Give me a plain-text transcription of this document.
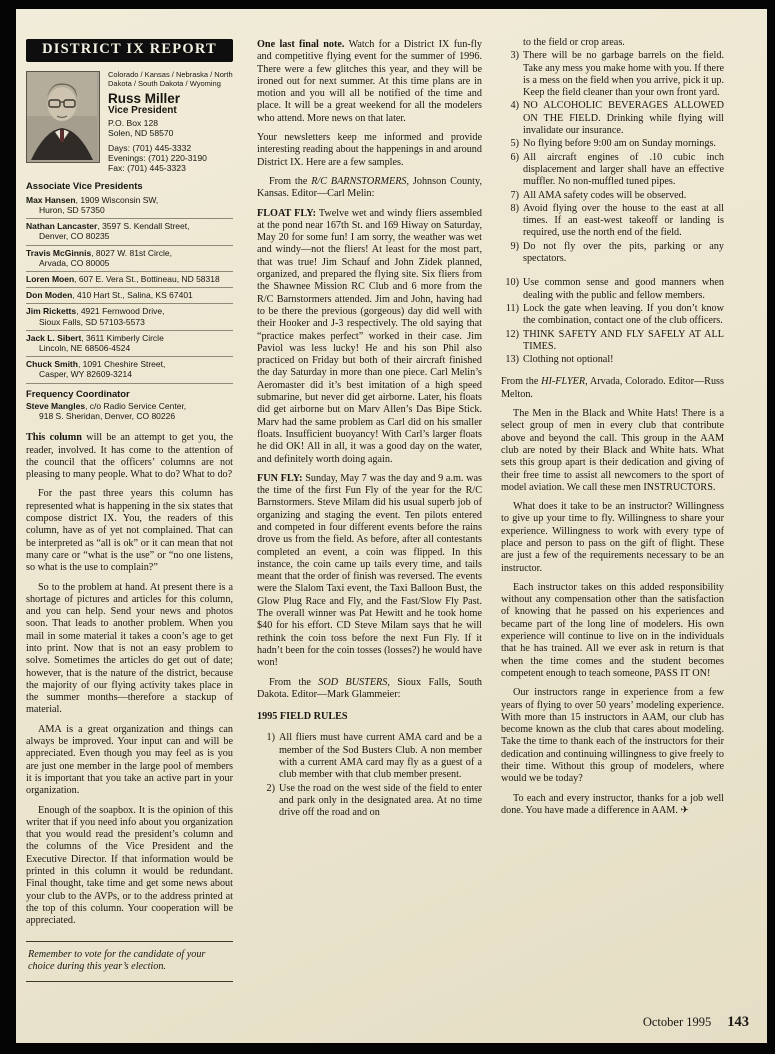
DISTRICT IX REPORT
Colorado / Kansas / Nebraska / North Dakota / South Dakota / Wyoming
Russ Miller
Vice President
P.O. Box 128
Solen, ND 58570
Days: (701) 445-3332
Evenings: (701) 220-3190
Fax: (701) 445-3323
Associate Vice Presidents
Max Hansen, 1909 Wisconsin SW,
Huron, SD 57350
Nathan Lancaster, 3597 S. Kendall Street,
Denver, CO 80235
Travis McGinnis, 8027 W. 81st Circle,
Arvada, CO 80005
Loren Moen, 607 E. Vera St., Bottineau, ND 58318
Don Moden, 410 Hart St., Salina, KS 67401
Jim Ricketts, 4921 Fernwood Drive,
Sioux Falls, SD 57103-5573
Jack L. Sibert, 3611 Kimberly Circle
Lincoln, NE 68506-4524
Chuck Smith, 1091 Cheshire Street,
Casper, WY 82609-3214
Frequency Coordinator
Steve Mangles, c/o Radio Service Center,
918 S. Sheridan, Denver, CO 80226

This column will be an attempt to get you, the reader, involved. It has come to the attention of the council that the officers’ columns are not pleasing to many people. What to do? What to do?

For the past three years this column has represented what is happening in the six states that compose district IX. You, the readers of this column, have as of yet not complained. That can be interpreted as “all is ok” or it can mean that not many care or “what is the use” or “no one listens, so what is the use to complain?”

So to the problem at hand. At present there is a shortage of pictures and articles for this column, and you can help. Send your news and photos soon. That leads to another problem. When you mail in some material it takes a coon’s age to get into print. Now that is not an easy problem to solve. Sometimes the articles do get out of date; however, that is the nature of the district, because the majority of our flying activity takes place in the summer months—therefore a stackup of material.

AMA is a great organization and things can always be improved. Your input can and will be appreciated. Even though you may feel as is you are just one member in the large pool of members it is important that you take an active part in your organization.

Enough of the soapbox. It is the opinion of this writer that if you need info about you organization that you would read the president’s column and the columns of the Vice President and the Executive Director. If that information would be printed in this column it would be redundant. Final thought, take time and get some news about your club to the AVPs, or to the address printed at the top of this column. Your cooperation will be appreciated.

Remember to vote for the candidate of your choice during this year’s election.

One last final note. Watch for a District IX fun-fly and competitive flying event for the summer of 1996. There were a few glitches this year, and they will be ironed out for next summer. At this time plans are in motion and you will all be notified of the time and place. It will be a great weekend for all the modelers who attend. More news on that later.

Your newsletters keep me informed and provide interesting reading about the happenings in and around District IX. Here are a few samples.

From the R/C BARNSTORMERS, Johnson County, Kansas. Editor—Carl Melin:

FLOAT FLY: Twelve wet and windy fliers assembled at the pond near 167th St. and 169 Hiway on Saturday, May 20 for some fun! I am sorry, the weather was wet and windy—not the fliers! At least for the most part, that was true! Jim Schauf and John Zidek planned, organized, and prepared the flying site. Six fliers from the Shawnee Mission RC Club and 6 more from the R/C Barnstormers attended. Jim and John, having had to be there the previous (gorgeous) day did well with their Hooker and J-3 respectively. The old saying that “practice makes perfect” worked in their case. Jim Paviol was less lucky! He and his son Phil also practiced on Friday but both of their aircraft finished the day Saturday in more than one piece. Carl Melin’s Aeromaster did it’s best imitation of a high speed submarine, but never did get airborne. Later, his floats did get airborne but on Marv Allen’s Das Bipe Stick. Marv had the same problem as Carl did on his smaller floats. Insufficient buoyancy! With Carl’s larger floats he did OK! All in all, it was a good day on the water, and definitely worth doing again.

FUN FLY: Sunday, May 7 was the day and 9 a.m. was the time of the first Fun Fly of the year for the R/C Barnstormers. Steve Milam did his usual superb job of organizing and staging the event. Ten pilots entered and competed in four different events before the rains drove us from the field. As before, after all contestants completed an event, a coin was flipped. In this instance, the coin came up tails every time, and tails meant that the order of finish was reversed. The events were the Slalom Taxi event, the Taxi Balloon Bust, the Glow Plug Race and Fly, and the Fast/Slow Fly Past. The overall winner was Pat Hewitt and he took home $40 for his effort. CD Steve Milam says that he will rethink the coin toss before the next Fun Fly. If it hadn’t been for the coin tosses (losses?) he would have won!

From the SOD BUSTERS, Sioux Falls, South Dakota. Editor—Mark Glammeier:

1995 FIELD RULES
1) All fliers must have current AMA card and be a member of the Sod Busters Club. A non member with a current AMA card may fly as a guest of a club member with that club member present.
2) Use the road on the west side of the field to enter and park only in the designated area. At no time drive off the road and on
to the field or crop areas.
3) There will be no garbage barrels on the field. Take any mess you make home with you. If there is a mess on the field when you arrive, pick it up. Keep the field cleaner than your own front yard.
4) NO ALCOHOLIC BEVERAGES ALLOWED ON THE FIELD. Drinking while flying will invalidate our insurance.
5) No flying before 9:00 am on Sunday mornings.
6) All aircraft engines of .10 cubic inch displacement and larger shall have an effective muffler. No non-muffled tuned pipes.
7) All AMA safety codes will be observed.
8) Avoid flying over the house to the east at all times. If an east-west takeoff or landing is required, use the north end of the field.
9) Do not fly over the pits, parking or any spectators.
10) Use common sense and good manners when dealing with the public and fellow members.
11) Lock the gate when leaving. If you don’t know the combination, contact one of the club officers.
12) THINK SAFETY AND FLY SAFELY AT ALL TIMES.
13) Clothing not optional!

From the HI-FLYER, Arvada, Colorado. Editor—Russ Melton.

The Men in the Black and White Hats! There is a select group of men in every club that contribute above and beyond the call. This group in the AAM club are noted by their Black and White hats. What sets this group apart is their dedication and giving of their free time to assist all newcomers to the sport of model aviation. We call these men INSTRUCTORS.

What does it take to be an instructor? Willingness to give up your time to fly. Willingness to share your experience. Willingness to work with every type of place and person to pass on the gift of flight. These are just a few of the requirements necessary to be an instructor.

Each instructor takes on this added responsibility without any compensation other than the satisfaction of knowing that he passed on his experiences and became part of the long line of modelers. His own experience will continue to live on in the individuals that he has trained. All we ever ask in return is that when the time comes and the student becomes competent enough to teach someone, PASS IT ON!

Our instructors range in experience from a few years of flying to over 50 years’ modeling experience. With more than 15 instructors in AAM, our club has become known as the club that cares about modeling. Take the time to thank each of the instructors for their dedication and continuing willingness to give freely to their time. Without this group of modelers, where would we be today?

To each and every instructor, thanks for a job well done. You have made a difference in AAM. ✈

October 1995 143
